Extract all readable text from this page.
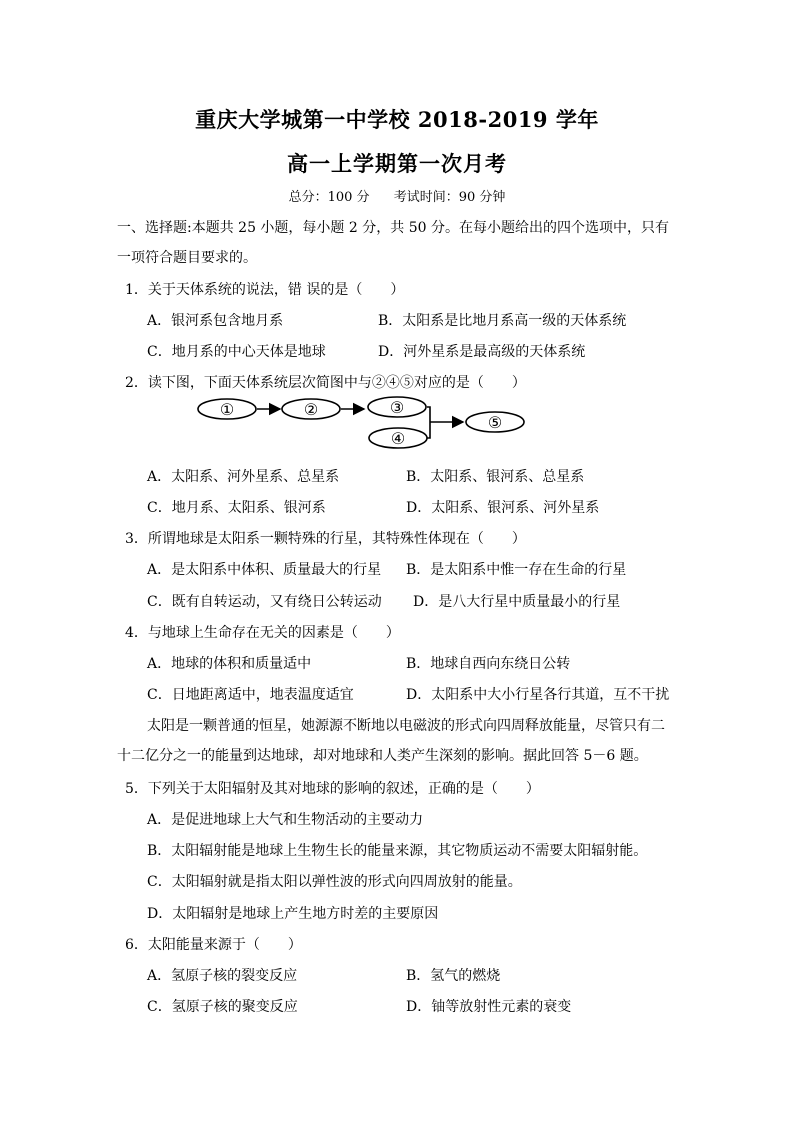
重庆大学城第一中学校 2018-2019 学年
高一上学期第一次月考
总分：100 分 考试时间：90 分钟
一、选择题:本题共 25 小题，每小题 2 分，共 50 分。在每小题给出的四个选项中，只有一项符合题目要求的。
1．关于天体系统的说法，错 误的是（　　）
A．银河系包含地月系	B．太阳系是比地月系高一级的天体系统
C．地月系的中心天体是地球	D．河外星系是最高级的天体系统
2．读下图，下面天体系统层次简图中与②④⑤对应的是（　　）
①	②	③
④
⑤
A．太阳系、河外星系、总星系	B．太阳系、银河系、总星系
C．地月系、太阳系、银河系	D．太阳系、银河系、河外星系
3．所谓地球是太阳系一颗特殊的行星，其特殊性体现在（　　）
A．是太阳系中体积、质量最大的行星 B．是太阳系中惟一存在生命的行星
C．既有自转运动，又有绕日公转运动 D．是八大行星中质量最小的行星
4．与地球上生命存在无关的因素是（　　）
A．地球的体积和质量适中	B．地球自西向东绕日公转
C．日地距离适中，地表温度适宜	D．太阳系中大小行星各行其道，互不干扰
太阳是一颗普通的恒星，她源源不断地以电磁波的形式向四周释放能量，尽管只有二十二亿分之一的能量到达地球，却对地球和人类产生深刻的影响。据此回答 5－6 题。
5．下列关于太阳辐射及其对地球的影响的叙述，正确的是（　　）
A．是促进地球上大气和生物活动的主要动力
B．太阳辐射能是地球上生物生长的能量来源，其它物质运动不需要太阳辐射能。
C．太阳辐射就是指太阳以弹性波的形式向四周放射的能量。
D．太阳辐射是地球上产生地方时差的主要原因
6．太阳能量来源于（　　）
A．氢原子核的裂变反应	B．氢气的燃烧
C．氢原子核的聚变反应	D．铀等放射性元素的衰变
